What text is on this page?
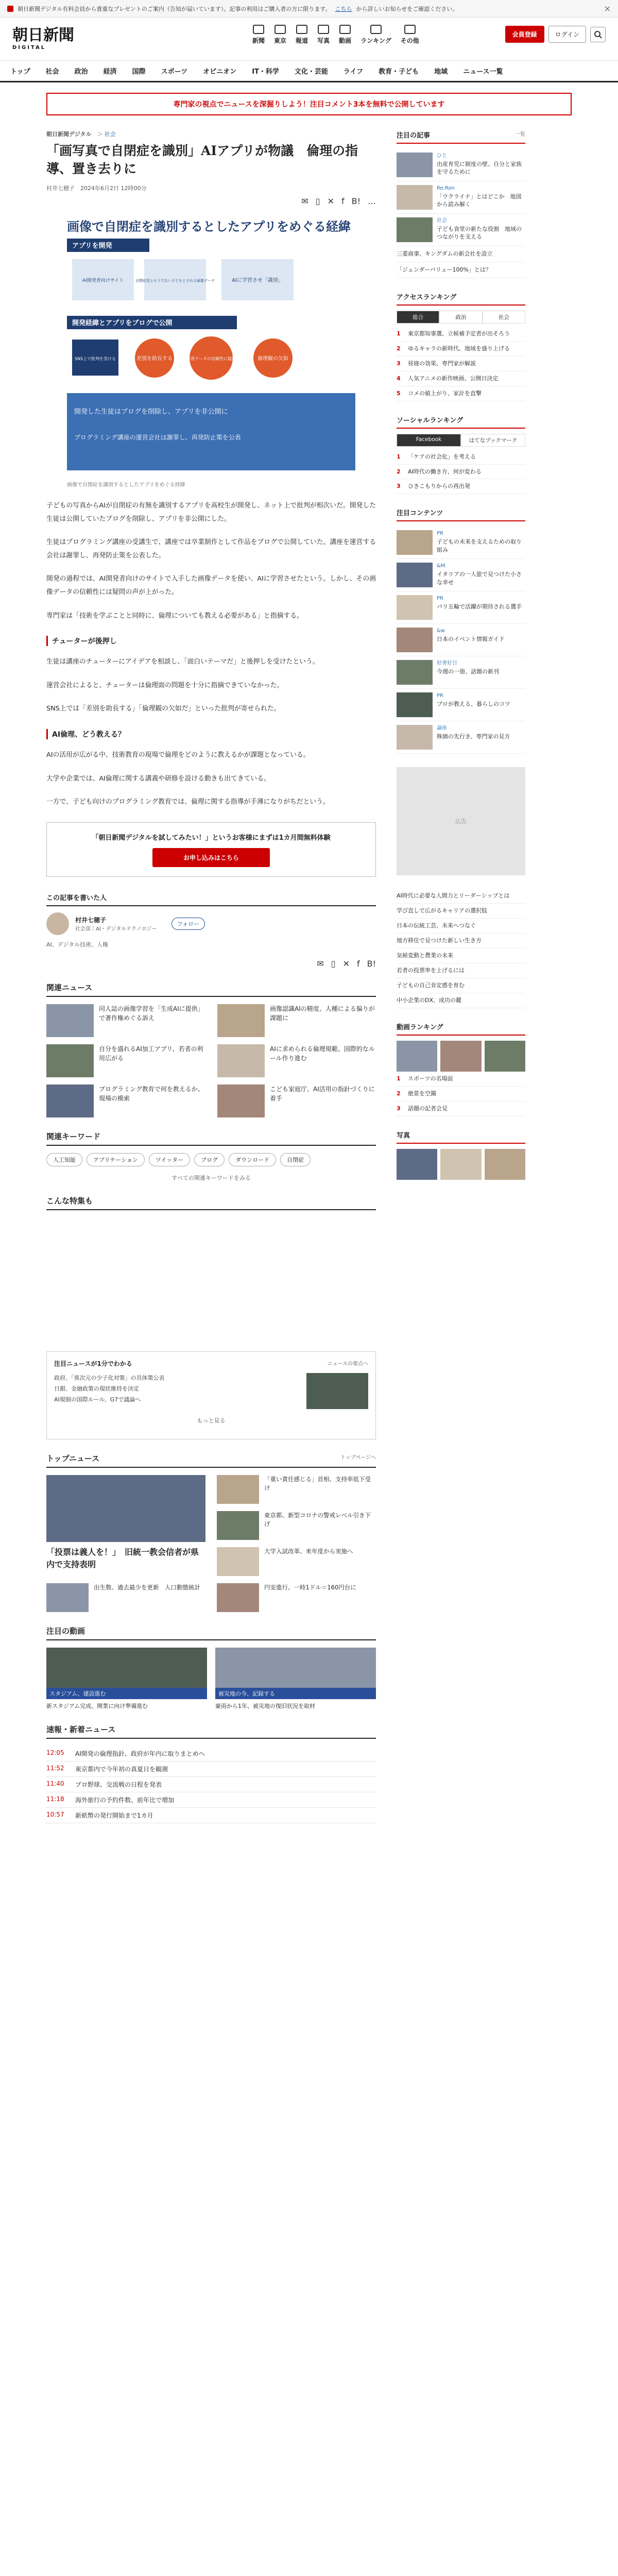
朝日新聞デジタル有料会員から貴重なプレゼントのご案内（告知が届いています）。記事の利用はご購入者の方に限ります。 こちら から詳しいお知らせをご確認ください。	×
朝日新聞
DIGITAL
新聞 東京 報道 写真 動画 ランキング その他
会員登録	ログイン
トップ 社会 政治 経済 国際 スポーツ オピニオン IT・科学 文化・芸能 ライフ 教育・子ども 地域 ニュース一覧
専門家の視点でニュースを深掘りしよう！注目コメント3本を無料で公開しています
朝日新聞デジタル　＞ 社会
「画写真で自閉症を識別」AIアプリが物議　倫理の指導、置き去りに
村井七穂子　2024年6月2日 12時00分
✉ ▯ ✕ f B! …
画像で自閉症を識別するとしたアプリをめぐる経緯
アプリを開発
AI開発者向けサイト	自閉症児とそうでない子どもとされる画像データ	AIに学習させ「識別」
開発経緯とアプリをブログで公開
SNS上で批判を受ける	差別を助長する	学習データの信頼性に疑問	倫理観の欠如
開発した生徒はブログを削除し、アプリを非公開に
プログラミング講座の運営会社は謝罪し、再発防止策を公表
画像で自閉症を識別するとしたアプリをめぐる経緯

子どもの写真からAIが自閉症の有無を識別するアプリを高校生が開発し、ネット上で批判が相次いだ。開発した生徒は公開していたブログを削除し、アプリを非公開にした。

生徒はプログラミング講座の受講生で、講座では卒業制作として作品をブログで公開していた。講座を運営する会社は謝罪し、再発防止策を公表した。

開発の過程では、AI開発者向けのサイトで入手した画像データを使い、AIに学習させたという。しかし、その画像データの信頼性には疑問の声が上がった。

専門家は「技術を学ぶことと同時に、倫理についても教える必要がある」と指摘する。

チューターが後押し

生徒は講座のチューターにアイデアを相談し、「面白いテーマだ」と後押しを受けたという。

運営会社によると、チューターは倫理面の問題を十分に指摘できていなかった。

SNS上では「差別を助長する」「倫理観の欠如だ」といった批判が寄せられた。

AI倫理、どう教える？

AIの活用が広がる中、技術教育の現場で倫理をどのように教えるかが課題となっている。

大学や企業では、AI倫理に関する講義や研修を設ける動きも出てきている。

一方で、子ども向けのプログラミング教育では、倫理に関する指導が手薄になりがちだという。

「朝日新聞デジタルを試してみたい！」というお客様にまずは1カ月間無料体験
お申し込みはこちら
この記事を書いた人
村井七穂子
社会部｜AI・デジタルテクノロジー
フォロー
AI、デジタル技術、人権
✉ ▯ ✕ f B!
関連ニュース
同人誌の画像学習を「生成AIに提供」で著作権めぐる訴え
画像認識AIの精度、人種による偏りが課題に
自分を盛れるAI加工アプリ、若者の利用広がる
AIに求められる倫理規範、国際的なルール作り進む
プログラミング教育で何を教えるか、現場の模索
こども家庭庁、AI活用の指針づくりに着手
関連キーワード
人工知能	アプリケーション	ツイッター	ブログ	ダウンロード	自閉症
すべての関連キーワードをみる
こんな特集も
注目ニュースが1分でわかる	ニュースの要点へ
政府、「異次元の少子化対策」の具体策公表
日銀、金融政策の現状維持を決定
AI規制の国際ルール、G7で議論へ
もっと見る
トップニュース	トップページへ
「投票は義人を！」　旧統一教会信者が県内で支持表明
「重い責任感じる」首相、支持率低下受け
東京都、新型コロナの警戒レベル引き下げ
大学入試改革、来年度から実施へ
出生数、過去最少を更新　人口動態統計	円安進行、一時1ドル＝160円台に
注目の動画
スタジアム、建設進む
新スタジアム完成、開業に向け準備進む
被災地の今、記録する
豪雨から1年、被災地の復旧状況を取材
速報・新着ニュース
12:05	AI開発の倫理指針、政府が年内に取りまとめへ
11:52	東京都内で今年初の真夏日を観測
11:40	プロ野球、交流戦の日程を発表
11:18	海外旅行の予約件数、前年比で増加
10:57	新紙幣の発行開始まで1カ月
注目の記事	一覧
ひと
出産育児に制度の壁、自分と家族を守るために
Re:Ron
「ウクライナ」とはどこか　地図から読み解く
社会
子ども食堂の新たな役割　地域のつながりを支える
三菱商事、キングダムの新会社を設立
「ジェンダーバリュー100%」とは？
アクセスランキング
総合	政治	社会
1	東京都知事選、立候補予定者が出そろう
2	ゆるキャラの新時代、地域を盛り上げる
3	昼寝の効果、専門家が解説
4	人気アニメの新作映画、公開日決定
5	コメの値上がり、家計を直撃
ソーシャルランキング
Facebook	はてなブックマーク
1	「ケアの社会化」を考える
2	AI時代の働き方、何が変わる
3	ひきこもりからの再出発
注目コンテンツ
PR
子どもの未来を支えるための取り組み
&M
イタリアの一人旅で見つけた小さな幸せ
PR
パリ五輪で活躍が期待される選手
&w
日本のイベント情報ガイド
好書好日
今週の一冊、話題の新刊
PR
プロが教える、暮らしのコツ
論座
株価の先行き、専門家の見方
広告
AI時代に必要な人間力とリーダーシップとは
学び直しで広がるキャリアの選択肢
日本の伝統工芸、未来へつなぐ
地方移住で見つけた新しい生き方
気候変動と農業の未来
若者の投票率を上げるには
子どもの自己肯定感を育む
中小企業のDX、成功の鍵
動画ランキング
1	スポーツの名場面
2	絶景を空撮
3	話題の記者会見
写真
